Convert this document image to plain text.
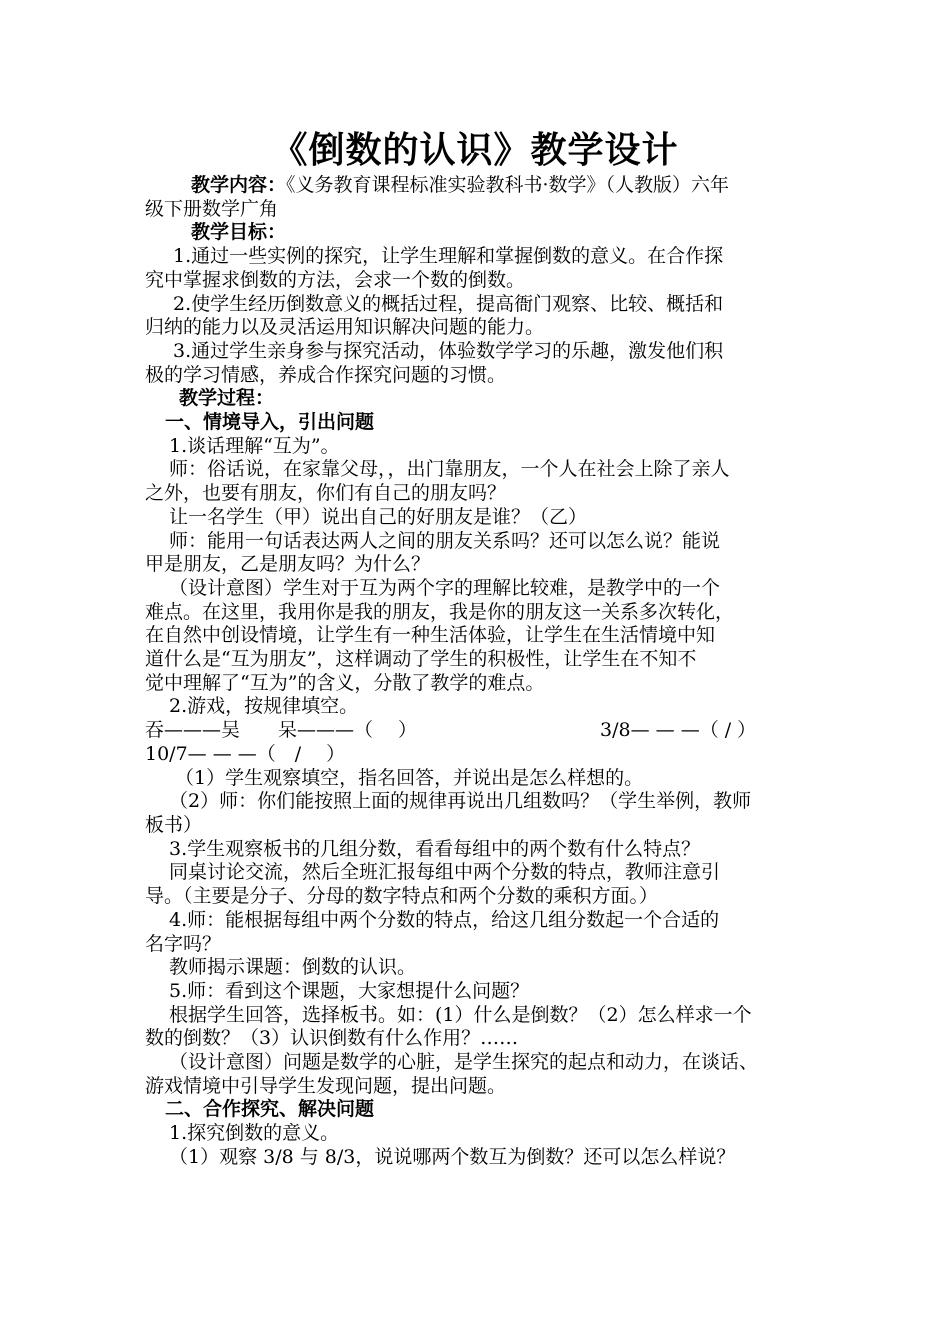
《倒数的认识》教学设计

教学内容：《义务教育课程标准实验教科书·数学》（人教版）六年

级下册数学广角

教学目标：

1.通过一些实例的探究，让学生理解和掌握倒数的意义。在合作探

究中掌握求倒数的方法，会求一个数的倒数。

2.使学生经历倒数意义的概括过程，提高衙门观察、比较、概括和

归纳的能力以及灵活运用知识解决问题的能力。

3.通过学生亲身参与探究活动，体验数学学习的乐趣，激发他们积

极的学习情感，养成合作探究问题的习惯。

教学过程：

一、情境导入，引出问题

1.谈话理解“互为”。

师：俗话说，在家靠父母，，出门靠朋友，一个人在社会上除了亲人

之外，也要有朋友，你们有自己的朋友吗？

让一名学生（甲）说出自己的好朋友是谁？（乙）

师：能用一句话表达两人之间的朋友关系吗？还可以怎么说？能说

甲是朋友，乙是朋友吗？为什么？

（设计意图）学生对于互为两个字的理解比较难，是教学中的一个

难点。在这里，我用你是我的朋友，我是你的朋友这一关系多次转化，

在自然中创设情境，让学生有一种生活体验，让学生在生活情境中知

道什么是“互为朋友”，这样调动了学生的积极性，让学生在不知不

觉中理解了“互为”的含义，分散了教学的难点。

2.游戏，按规律填空。

吞———吴　　呆———（　 ）	3/8— — —（ / ）

10/7— — —（　/　 ）

（1）学生观察填空，指名回答，并说出是怎么样想的。

（2）师：你们能按照上面的规律再说出几组数吗？（学生举例，教师

板书）

3.学生观察板书的几组分数，看看每组中的两个数有什么特点？

同桌讨论交流，然后全班汇报每组中两个分数的特点，教师注意引

导。（主要是分子、分母的数字特点和两个分数的乘积方面。）

4.师：能根据每组中两个分数的特点，给这几组分数起一个合适的

名字吗？

教师揭示课题：倒数的认识。

5.师：看到这个课题，大家想提什么问题？

根据学生回答，选择板书。如：(1）什么是倒数？（2）怎么样求一个

数的倒数？（3）认识倒数有什么作用？……

（设计意图）问题是数学的心脏，是学生探究的起点和动力，在谈话、

游戏情境中引导学生发现问题，提出问题。

二、合作探究、解决问题

1.探究倒数的意义。

（1）观察 3/8 与 8/3，说说哪两个数互为倒数？还可以怎么样说？
